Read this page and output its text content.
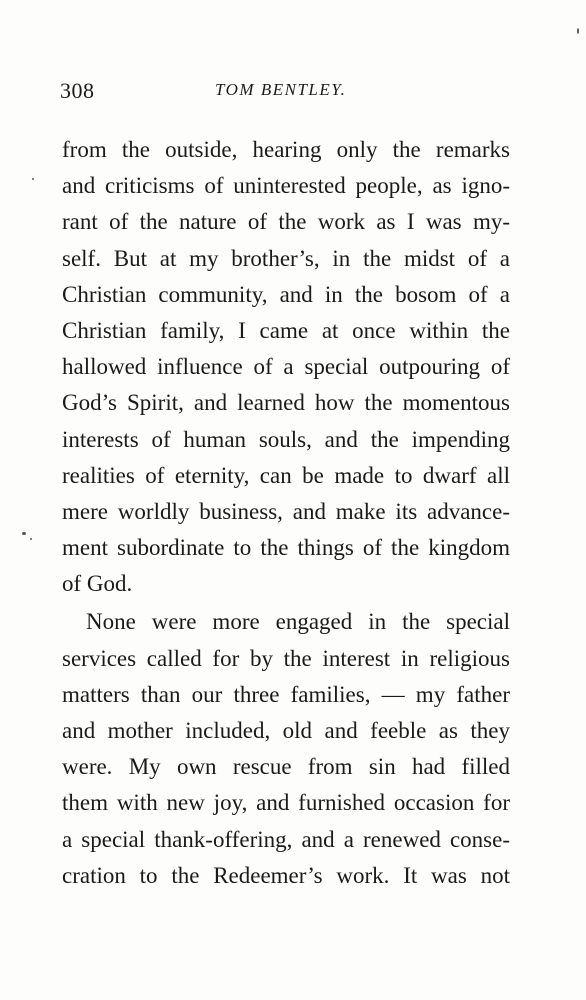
308	TOM BENTLEY.
from the outside, hearing only the remarks
and criticisms of uninterested people, as igno-
rant of the nature of the work as I was my-
self. But at my brother’s, in the midst of a
Christian community, and in the bosom of a
Christian family, I came at once within the
hallowed influence of a special outpouring of
God’s Spirit, and learned how the momentous
interests of human souls, and the impending
realities of eternity, can be made to dwarf all
mere worldly business, and make its advance-
ment subordinate to the things of the kingdom
of God.
None were more engaged in the special
services called for by the interest in religious
matters than our three families, — my father
and mother included, old and feeble as they
were. My own rescue from sin had filled
them with new joy, and furnished occasion for
a special thank-offering, and a renewed conse-
cration to the Redeemer’s work. It was not
